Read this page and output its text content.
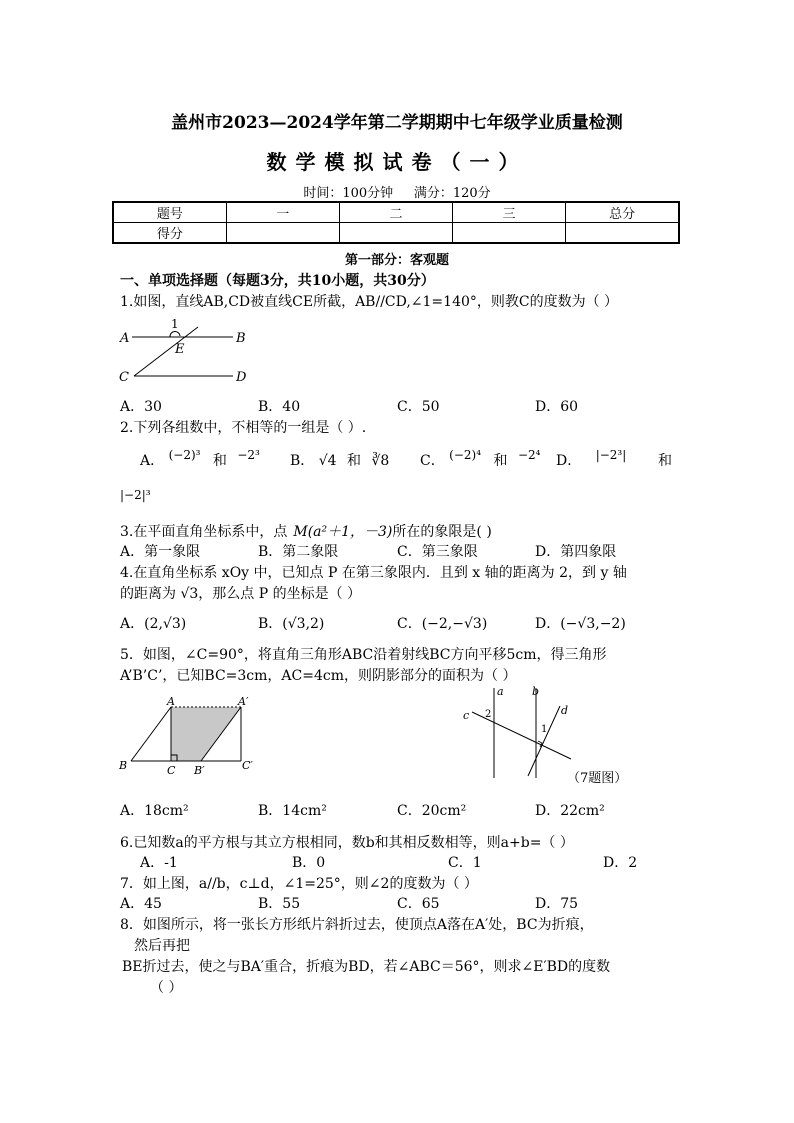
盖州市2023—2024学年第二学期期中七年级学业质量检测
数学模拟试卷（一）
时间：100分钟     满分：120分
题号	一	二	三	总分
得分				
第一部分：客观题
一、单项选择题（每题3分，共10小题，共30分）
1.如图，直线AB,CD被直线CE所截，AB//CD,∠1=140°，则教C的度数为（ ）
1
A	B
E
C	D
A．30	B．40	C．50	D．60
2.下列各组数中，不相等的一组是（ ）.
A． (−2)³ 和 −2³ B． √4 和 ∛8 C． (−2)⁴ 和 −2⁴ D． |−2³| 和
|−2|³
3.在平面直角坐标系中，点 M(a²＋1，－3)所在的象限是( )
A．第一象限	B．第二象限	C．第三象限	D．第四象限
4.在直角坐标系 xOy 中，已知点 P 在第三象限内．且到 x 轴的距离为 2，到 y 轴
的距离为 √3，那么点 P 的坐标是（ ）
A．(2,√3)	B．(√3,2)	C．(−2,−√3)	D．(−√3,−2)
5．如图，∠C=90°，将直角三角形ABC沿着射线BC方向平移5cm，得三角形
A’B’C’，已知BC=3cm，AC=4cm，则阴影部分的面积为（ ）
A	A′
B	C B′	C′
a	b
c	d
2
1
（7题图）
A．18cm²	B．14cm²	C．20cm²	D．22cm²
6.已知数a的平方根与其立方根相同，数b和其相反数相等，则a+b=（ ）
A．-1	B．0	C．1	D．2
7．如上图，a//b，c⊥d，∠1=25°，则∠2的度数为（ ）
A．45	B．55	C．65	D．75
8．如图所示，将一张长方形纸片斜折过去，使顶点A落在A′处，BC为折痕，
然后再把
BE折过去，使之与BA′重合，折痕为BD，若∠ABC＝56°，则求∠E′BD的度数
（ ）
